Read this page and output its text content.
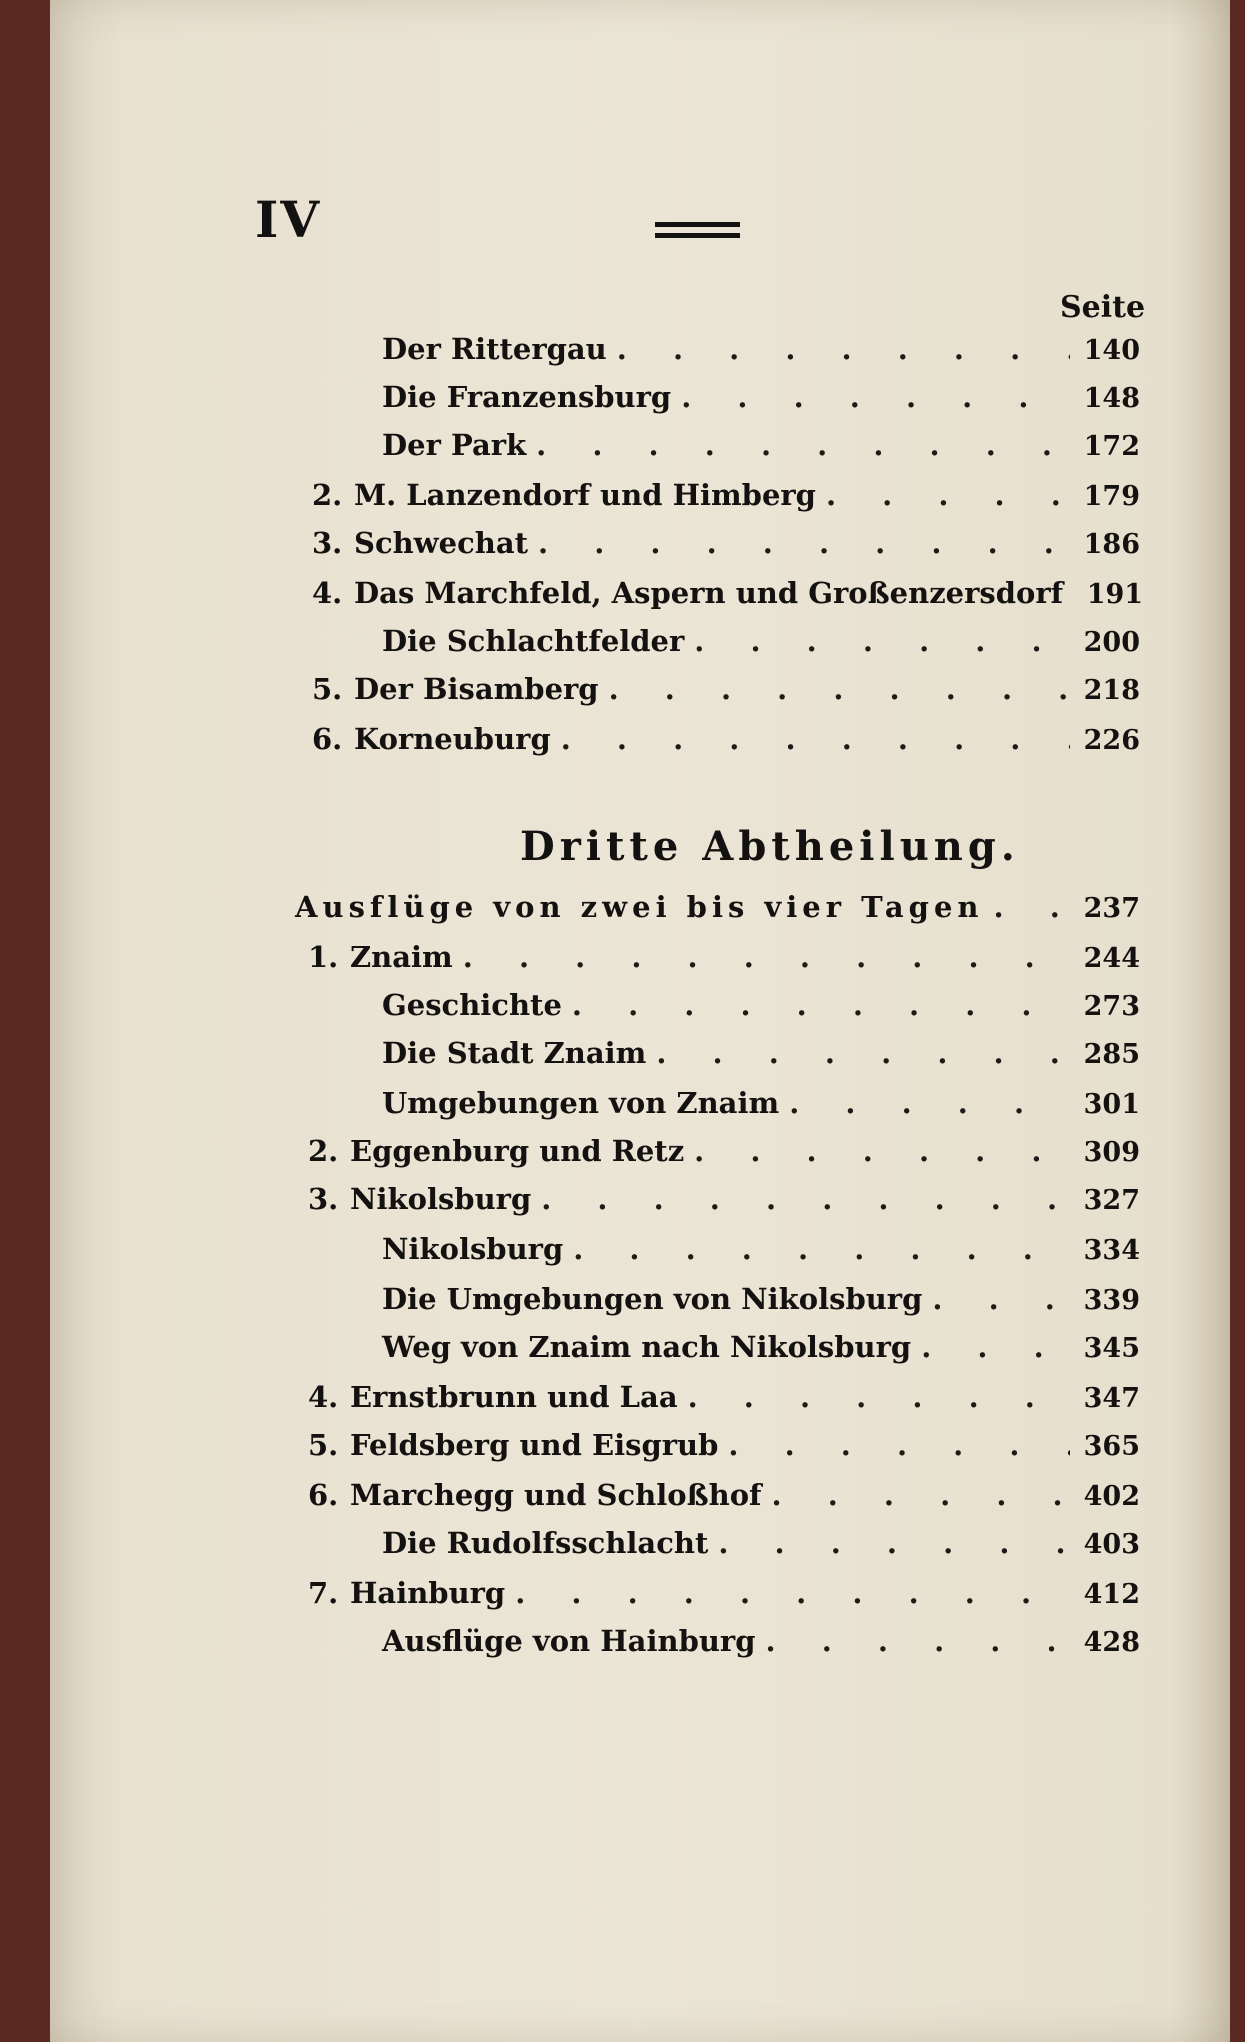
IV
Seite
Der Rittergau . . .	140
Die Franzensburg . . .	148
Der Park . . .	172
2. M. Lanzendorf und Himberg . . .	179
3. Schwechat . . .	186
4. Das Marchfeld, Aspern und Großenzersdorf 191
Die Schlachtfelder . . .	200
5. Der Bisamberg . . .	218
6. Korneuburg . . .	226
Dritte Abtheilung.
Ausflüge von zwei bis vier Tagen . . .	237
1. Znaim . . .	244
Geschichte . . .	273
Die Stadt Znaim . . .	285
Umgebungen von Znaim . . .	301
2. Eggenburg und Retz . . .	309
3. Nikolsburg . . .	327
Nikolsburg . . .	334
Die Umgebungen von Nikolsburg . . .	339
Weg von Znaim nach Nikolsburg . . .	345
4. Ernstbrunn und Laa . . .	347
5. Feldsberg und Eisgrub . . .	365
6. Marchegg und Schloßhof . . .	402
Die Rudolfsschlacht . . .	403
7. Hainburg . . .	412
Ausflüge von Hainburg . . .	428
